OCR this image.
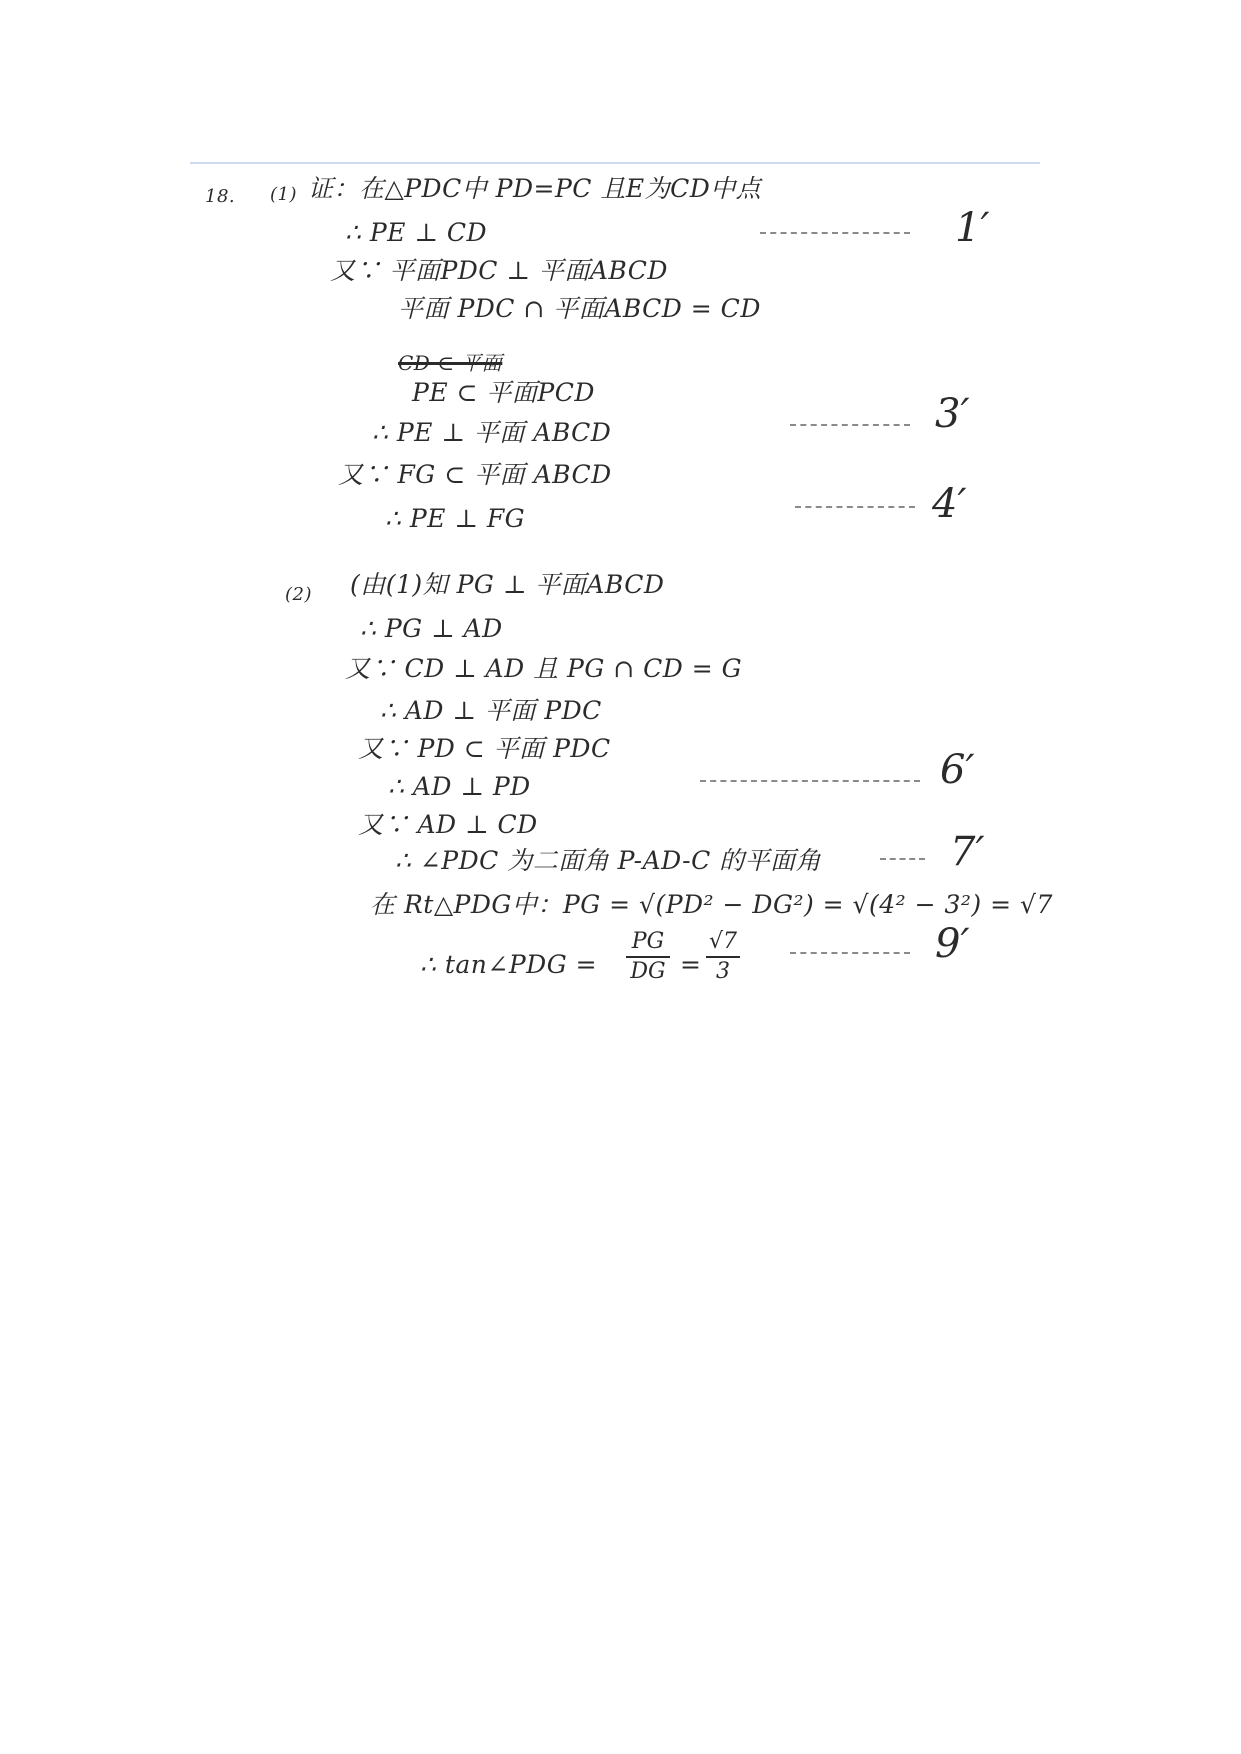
18. (1) 证：在△PDC中 PD=PC 且E为CD中点
∴ PE ⊥ CD	1′
又∵ 平面PDC ⊥ 平面ABCD
平面 PDC ∩ 平面ABCD = CD
CD ⊂ 平面
PE ⊂ 平面PCD
∴ PE ⊥ 平面 ABCD	3′
又∵ FG ⊂ 平面 ABCD
∴ PE ⊥ FG	4′
(2) (由(1)知 PG ⊥ 平面ABCD
∴ PG ⊥ AD
又∵ CD ⊥ AD 且 PG ∩ CD = G
∴ AD ⊥ 平面 PDC
又∵ PD ⊂ 平面 PDC
∴ AD ⊥ PD	6′
又∵ AD ⊥ CD
∴ ∠PDC 为二面角 P-AD-C 的平面角	7′
在 Rt△PDG中：PG = √(PD² − DG²) = √(4² − 3²) = √7
∴ tan∠PDG =
PG
DG =
√7
3
9′
